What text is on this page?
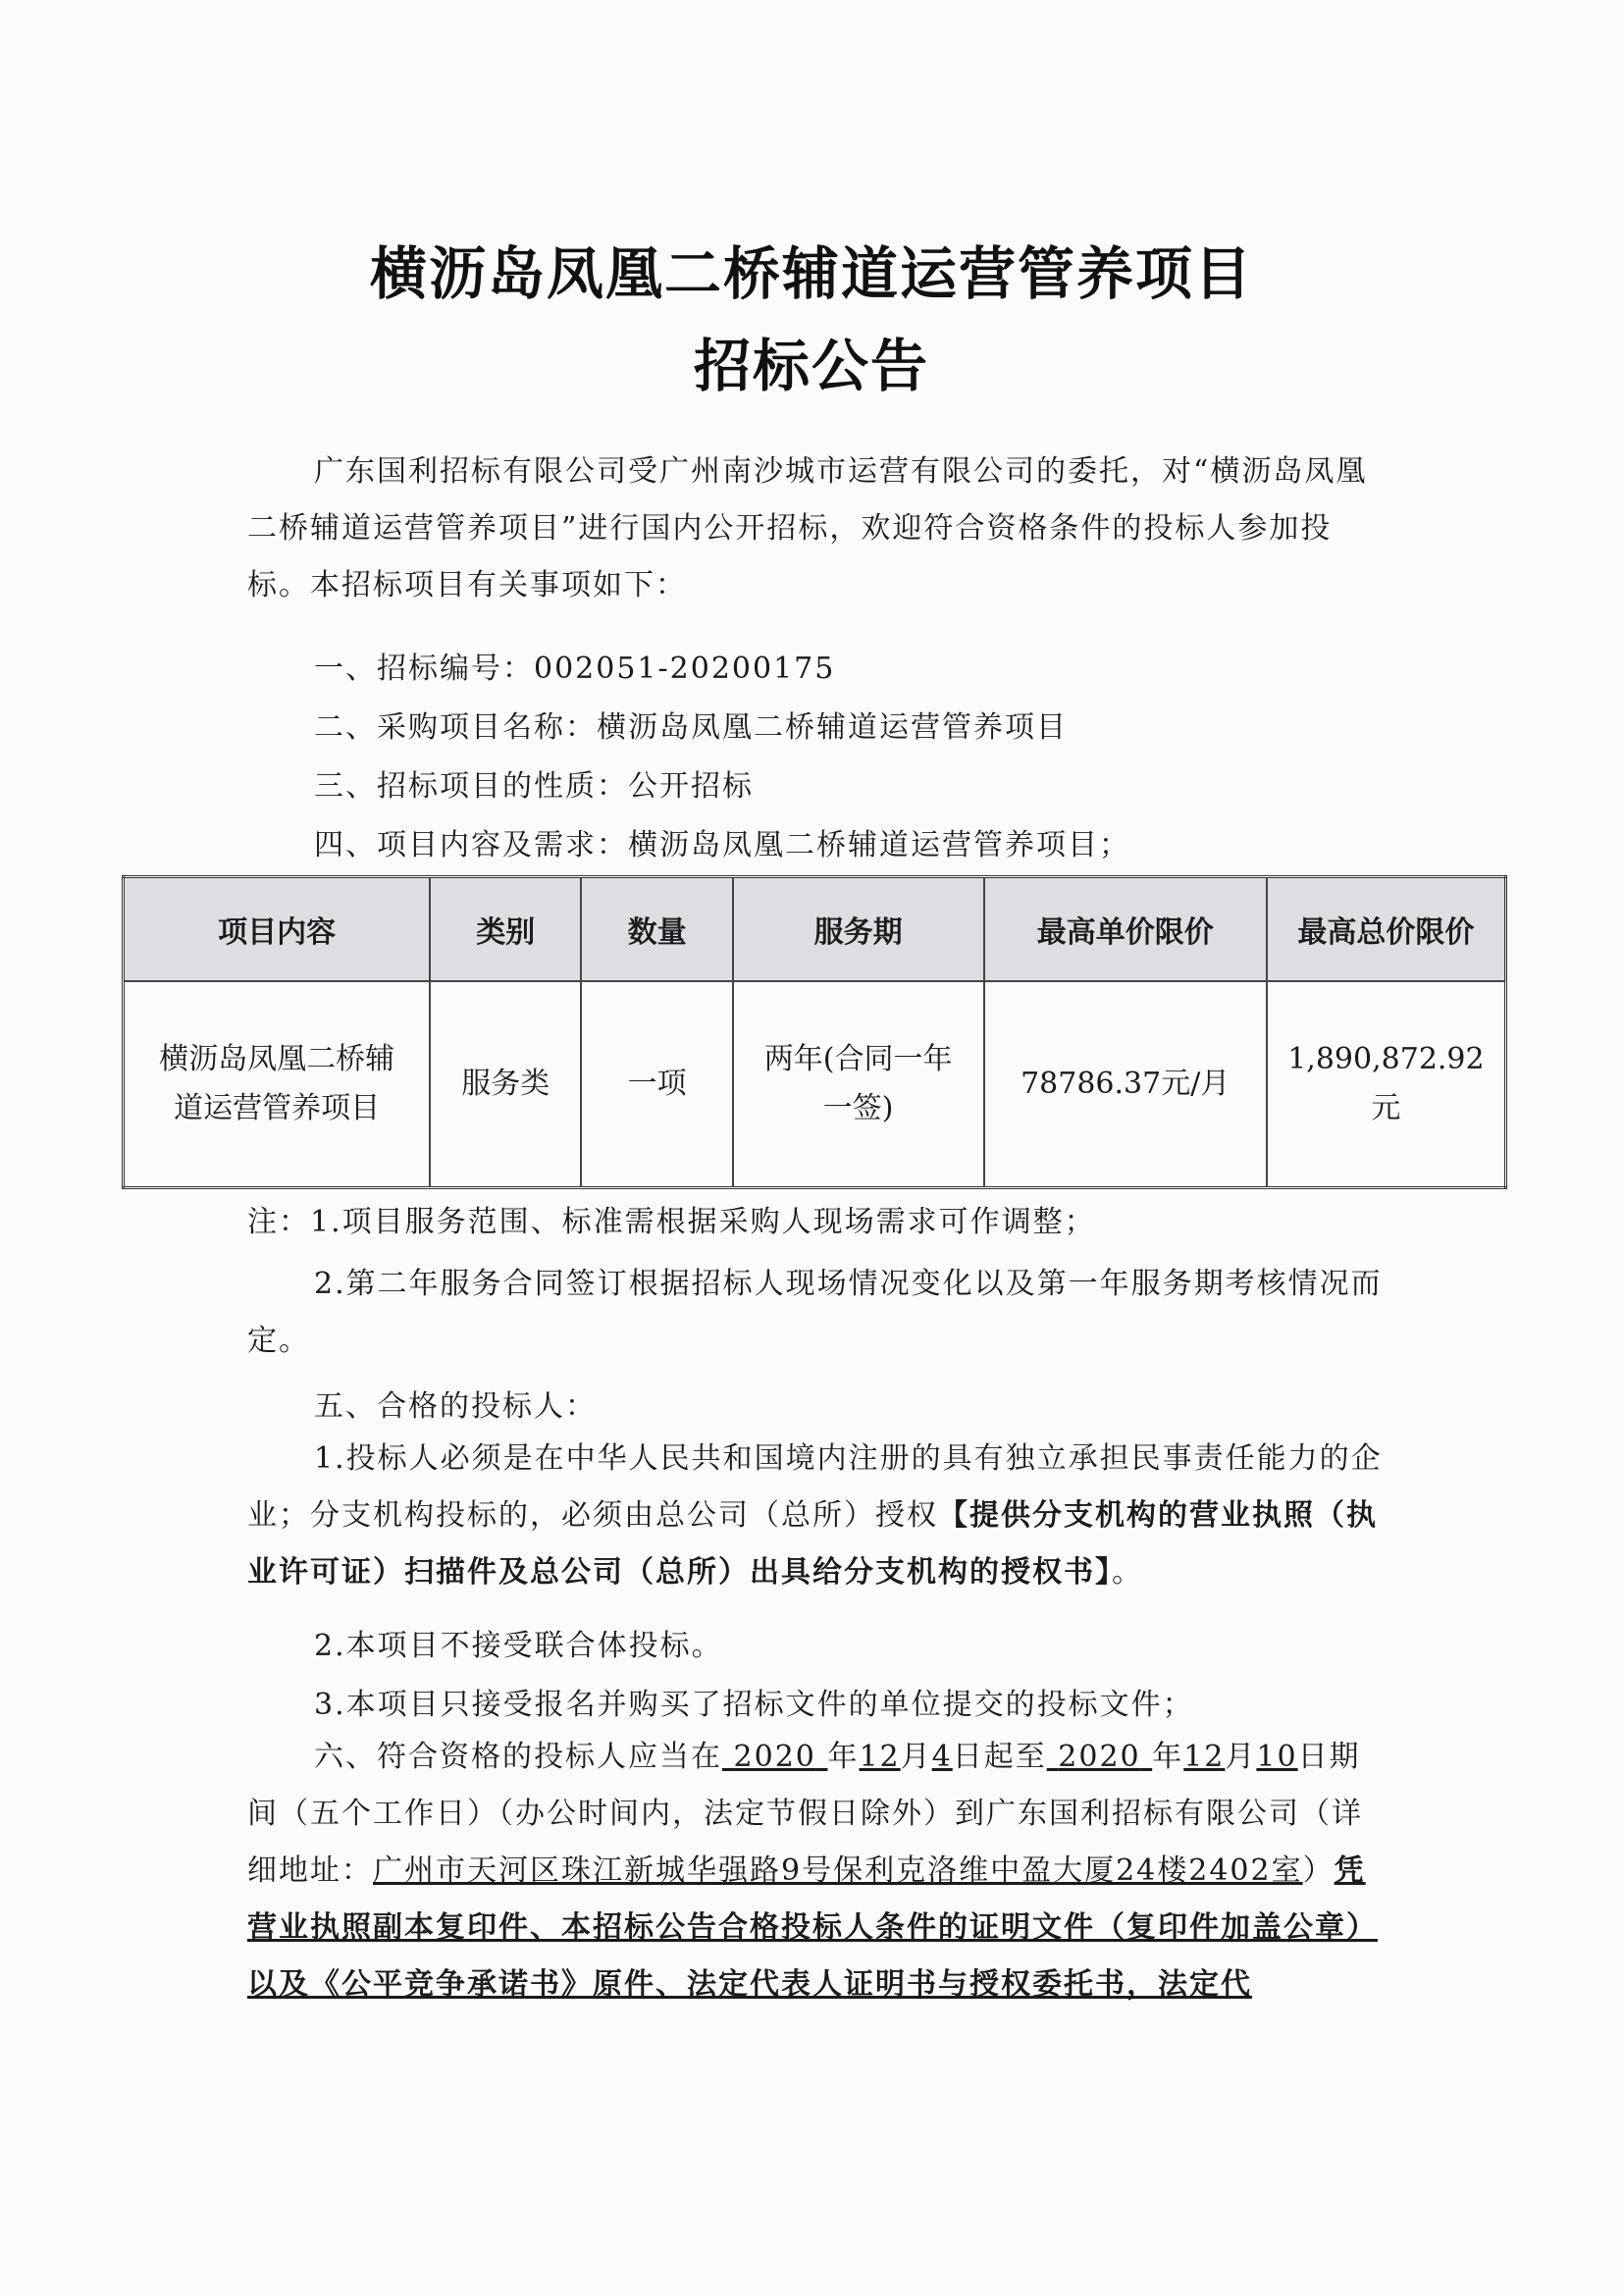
横沥岛凤凰二桥辅道运营管养项目
招标公告
广东国利招标有限公司受广州南沙城市运营有限公司的委托，对“横沥岛凤凰二桥辅道运营管养项目”进行国内公开招标，欢迎符合资格条件的投标人参加投标。本招标项目有关事项如下：
一、招标编号：002051-20200175
二、采购项目名称：横沥岛凤凰二桥辅道运营管养项目
三、招标项目的性质：公开招标
四、项目内容及需求：横沥岛凤凰二桥辅道运营管养项目；
项目内容	类别	数量	服务期	最高单价限价	最高总价限价
横沥岛凤凰二桥辅道运营管养项目	服务类	一项	两年(合同一年一签)	78786.37元/月	1,890,872.92元
注：1.项目服务范围、标准需根据采购人现场需求可作调整；
2.第二年服务合同签订根据招标人现场情况变化以及第一年服务期考核情况而定。
五、合格的投标人：
1.投标人必须是在中华人民共和国境内注册的具有独立承担民事责任能力的企业；分支机构投标的，必须由总公司（总所）授权【提供分支机构的营业执照（执业许可证）扫描件及总公司（总所）出具给分支机构的授权书】。
2.本项目不接受联合体投标。
3.本项目只接受报名并购买了招标文件的单位提交的投标文件；
六、符合资格的投标人应当在 2020 年12月4日起至 2020 年12月10日期间（五个工作日）（办公时间内，法定节假日除外）到广东国利招标有限公司（详细地址：广州市天河区珠江新城华强路9号保利克洛维中盈大厦24楼2402室）凭营业执照副本复印件、本招标公告合格投标人条件的证明文件（复印件加盖公章）以及《公平竞争承诺书》原件、法定代表人证明书与授权委托书，法定代
